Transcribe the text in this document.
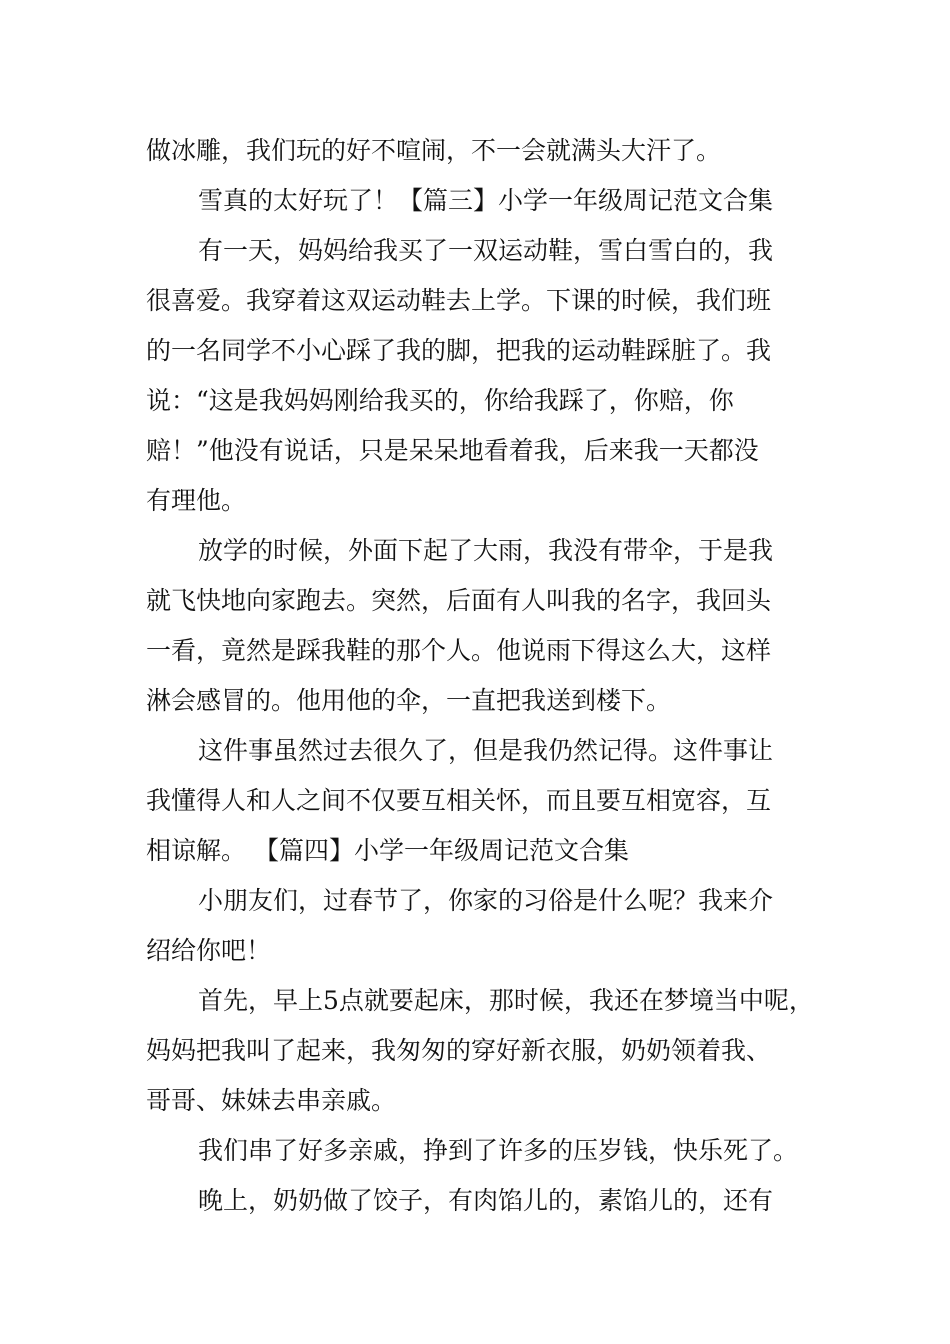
做冰雕，我们玩的好不喧闹，不一会就满头大汗了。
雪真的太好玩了！【篇三】小学一年级周记范文合集
有一天，妈妈给我买了一双运动鞋，雪白雪白的，我
很喜爱。我穿着这双运动鞋去上学。下课的时候，我们班
的一名同学不小心踩了我的脚，把我的运动鞋踩脏了。我
说：“这是我妈妈刚给我买的，你给我踩了，你赔，你
赔！”他没有说话，只是呆呆地看着我，后来我一天都没
有理他。
放学的时候，外面下起了大雨，我没有带伞，于是我
就飞快地向家跑去。突然，后面有人叫我的名字，我回头
一看，竟然是踩我鞋的那个人。他说雨下得这么大，这样
淋会感冒的。他用他的伞，一直把我送到楼下。
这件事虽然过去很久了，但是我仍然记得。这件事让
我懂得人和人之间不仅要互相关怀，而且要互相宽容，互
相谅解。 【篇四】小学一年级周记范文合集
小朋友们，过春节了，你家的习俗是什么呢？我来介
绍给你吧！
首先，早上5点就要起床，那时候，我还在梦境当中呢，
妈妈把我叫了起来，我匆匆的穿好新衣服，奶奶领着我、
哥哥、妹妹去串亲戚。
我们串了好多亲戚，挣到了许多的压岁钱，快乐死了。
晚上，奶奶做了饺子，有肉馅儿的，素馅儿的，还有
